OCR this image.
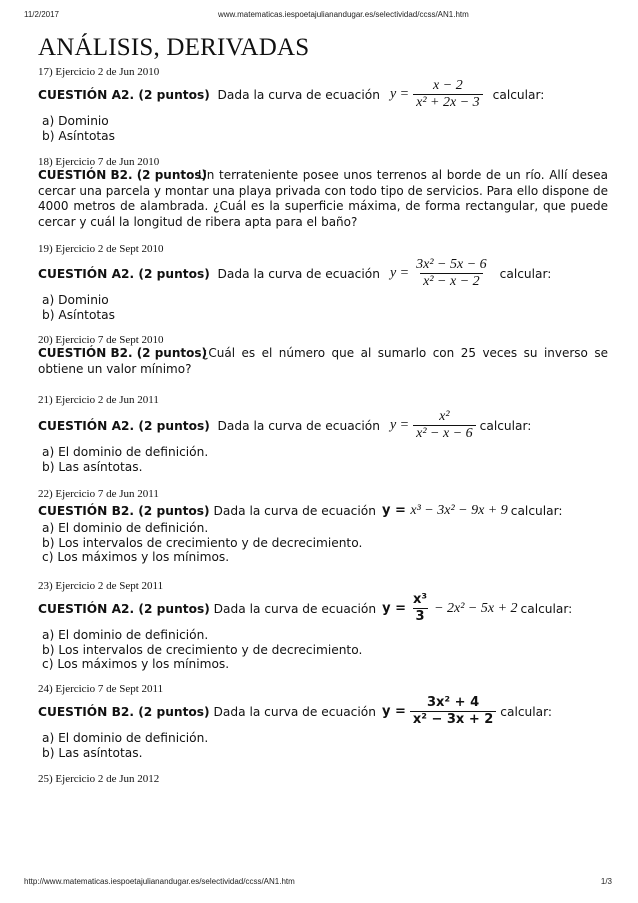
11/2/2017	www.matematicas.iespoetajulianandugar.es/selectividad/ccss/AN1.htm
ANÁLISIS, DERIVADAS
17) Ejercicio 2 de Jun 2010
CUESTIÓN A2. (2 puntos)
Dada la curva de ecuación $y = \frac{x - 2}{\text{x² + 2x − 3}}$ calcular:
a) Dominio
b) Asíntotas
18) Ejercicio 7 de Jun 2010
CUESTIÓN B2. (2 puntos)
Un terrateniente posee unos terrenos al borde de un río. Allí desea cercar una parcela y montar una playa privada con todo tipo de servicios. Para ello dispone de 4000 metros de alambrada. ¿Cuál es la superficie máxima, de forma rectangular, que puede cercar y cuál la longitud de ribera apta para el baño?
19) Ejercicio 2 de Sept 2010
CUESTIÓN A2. (2 puntos)
Dada la curva de ecuación $y = \frac{\text{3x² − 5x − 6}}{\text{x² − x − 2}}$ calcular:
a) Dominio
b) Asíntotas
20) Ejercicio 7 de Sept 2010
CUESTIÓN B2. (2 puntos)
¿Cuál es el número que al sumarlo con 25 veces su inverso se obtiene un valor mínimo?
21) Ejercicio 2 de Jun 2011
CUESTIÓN A2. (2 puntos)
Dada la curva de ecuación $y = \frac{\text{x²}}{\text{x² − x − 6}}$ calcular:
a) El dominio de definición.
b) Las asíntotas.
22) Ejercicio 7 de Jun 2011
CUESTIÓN B2. (2 puntos)
Dada la curva de ecuación y = x³ − 3x² − 9x + 9 calcular:
a) El dominio de definición.
b) Los intervalos de crecimiento y de decrecimiento.
c) Los máximos y los mínimos.
23) Ejercicio 2 de Sept 2011
CUESTIÓN A2. (2 puntos)
Dada la curva de ecuación $y = \frac{\text{x³}}{3} - 2x^2 - 5x + 2$ calcular:
a) El dominio de definición.
b) Los intervalos de crecimiento y de decrecimiento.
c) Los máximos y los mínimos.
24) Ejercicio 7 de Sept 2011
CUESTIÓN B2. (2 puntos)
Dada la curva de ecuación $y = \frac{\text{3x² + 4}}{\text{x² − 3x + 2}}$ calcular:
a) El dominio de definición.
b) Las asíntotas.
25) Ejercicio 2 de Jun 2012
http://www.matematicas.iespoetajulianandugar.es/selectividad/ccss/AN1.htm	1/3
